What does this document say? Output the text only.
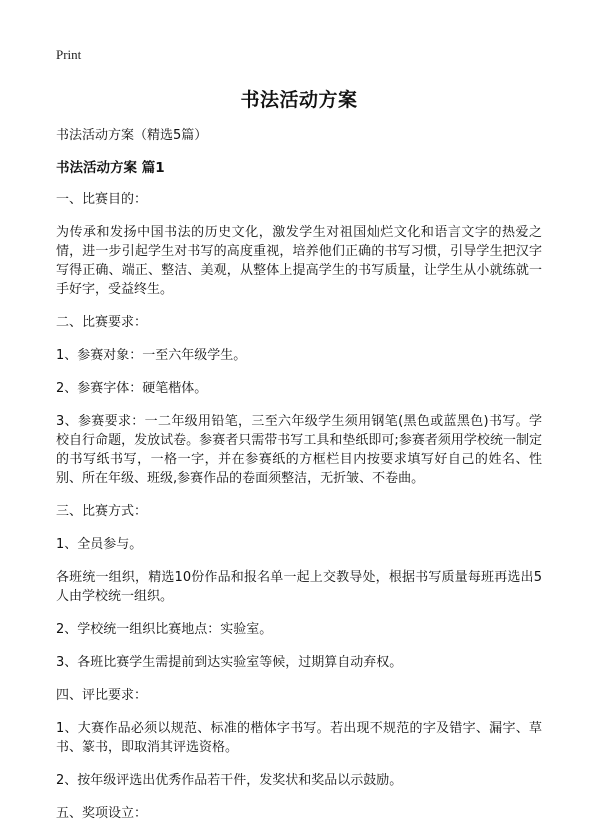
Print
书法活动方案
书法活动方案（精选5篇）
书法活动方案 篇1
一、比赛目的：
为传承和发扬中国书法的历史文化，激发学生对祖国灿烂文化和语言文字的热爱之情，进一步引起学生对书写的高度重视，培养他们正确的书写习惯，引导学生把汉字写得正确、端正、整洁、美观，从整体上提高学生的书写质量，让学生从小就练就一手好字，受益终生。
二、比赛要求：
1、参赛对象：一至六年级学生。
2、参赛字体：硬笔楷体。
3、参赛要求：一二年级用铅笔，三至六年级学生须用钢笔(黑色或蓝黑色)书写。学校自行命题，发放试卷。参赛者只需带书写工具和垫纸即可;参赛者须用学校统一制定的书写纸书写，一格一字，并在参赛纸的方框栏目内按要求填写好自己的姓名、性别、所在年级、班级,参赛作品的卷面须整洁，无折皱、不卷曲。
三、比赛方式：
1、全员参与。
各班统一组织，精选10份作品和报名单一起上交教导处，根据书写质量每班再选出5人由学校统一组织。
2、学校统一组织比赛地点：实验室。
3、各班比赛学生需提前到达实验室等候，过期算自动弃权。
四、评比要求：
1、大赛作品必须以规范、标准的楷体字书写。若出现不规范的字及错字、漏字、草书、篆书，即取消其评选资格。
2、按年级评选出优秀作品若干件，发奖状和奖品以示鼓励。
五、奖项设立：
